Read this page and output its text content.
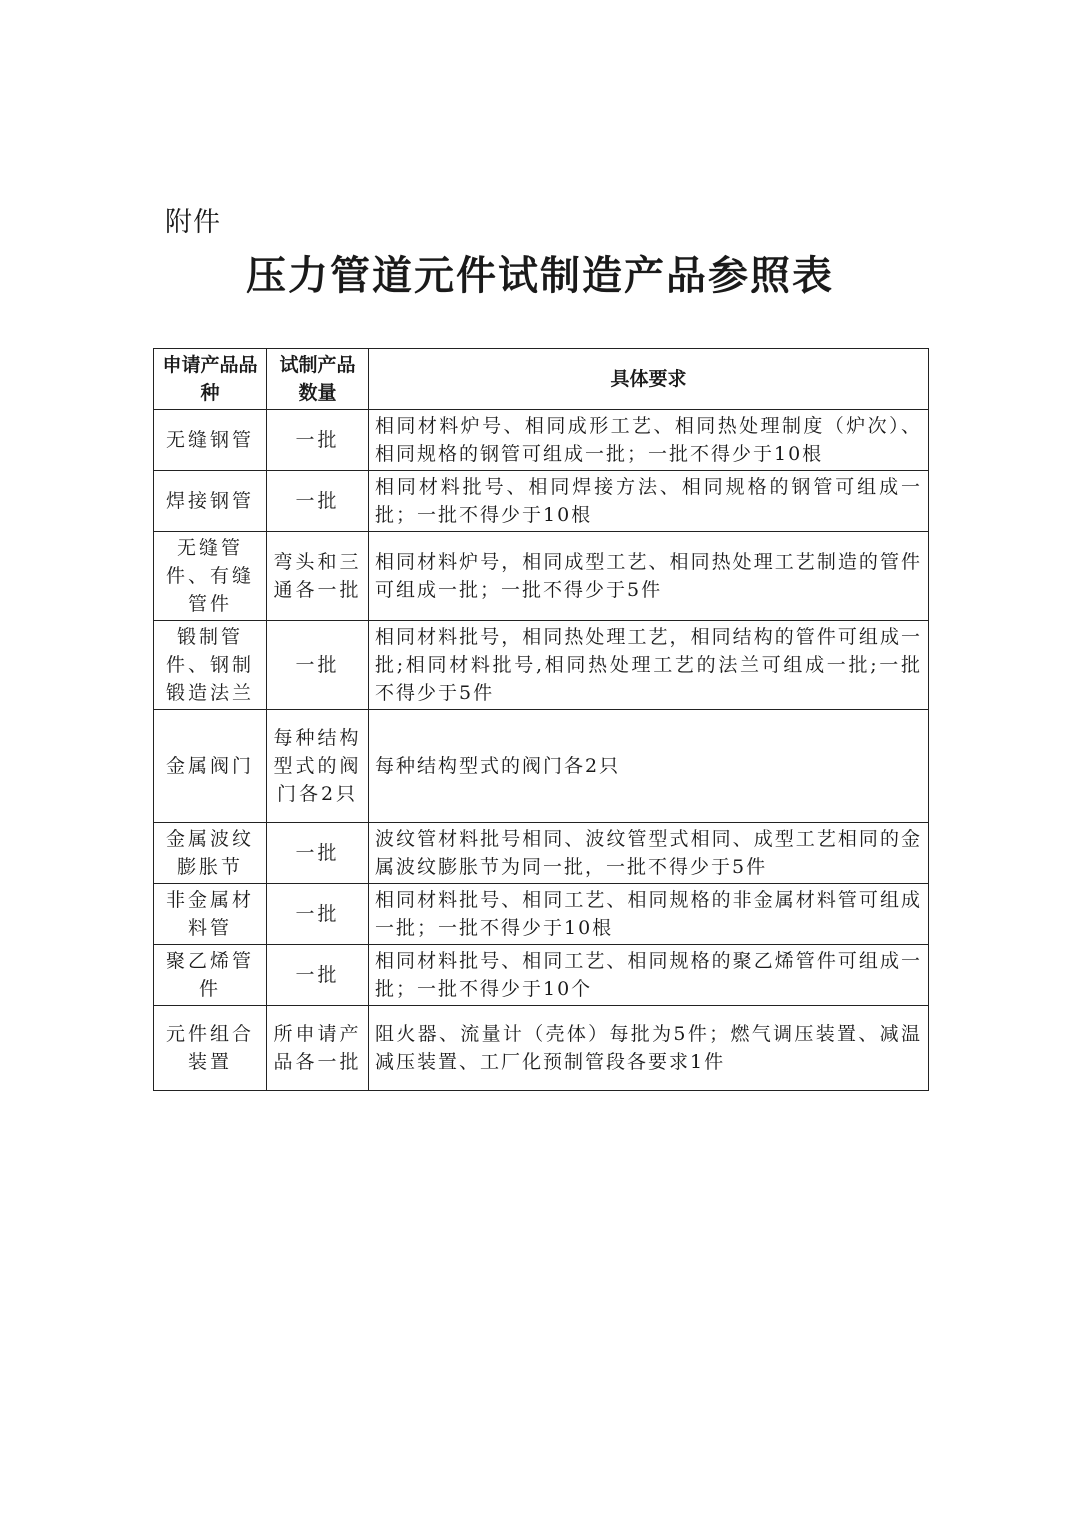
附件
压力管道元件试制造产品参照表
申请产品品种	试制产品数量	具体要求
无缝钢管	一批	相同材料炉号、相同成形工艺、相同热处理制度（炉次）、相同规格的钢管可组成一批；一批不得少于10根
焊接钢管	一批	相同材料批号、相同焊接方法、相同规格的钢管可组成一批；一批不得少于10根
无缝管件、有缝管件	弯头和三通各一批	相同材料炉号，相同成型工艺、相同热处理工艺制造的管件可组成一批；一批不得少于5件
锻制管件、钢制锻造法兰	一批	相同材料批号，相同热处理工艺，相同结构的管件可组成一批;相同材料批号,相同热处理工艺的法兰可组成一批;一批不得少于5件
金属阀门	每种结构型式的阀门各2只	每种结构型式的阀门各2只
金属波纹膨胀节	一批	波纹管材料批号相同、波纹管型式相同、成型工艺相同的金属波纹膨胀节为同一批，一批不得少于5件
非金属材料管	一批	相同材料批号、相同工艺、相同规格的非金属材料管可组成一批；一批不得少于10根
聚乙烯管件	一批	相同材料批号、相同工艺、相同规格的聚乙烯管件可组成一批；一批不得少于10个
元件组合装置	所申请产品各一批	阻火器、流量计（壳体）每批为5件；燃气调压装置、减温减压装置、工厂化预制管段各要求1件
